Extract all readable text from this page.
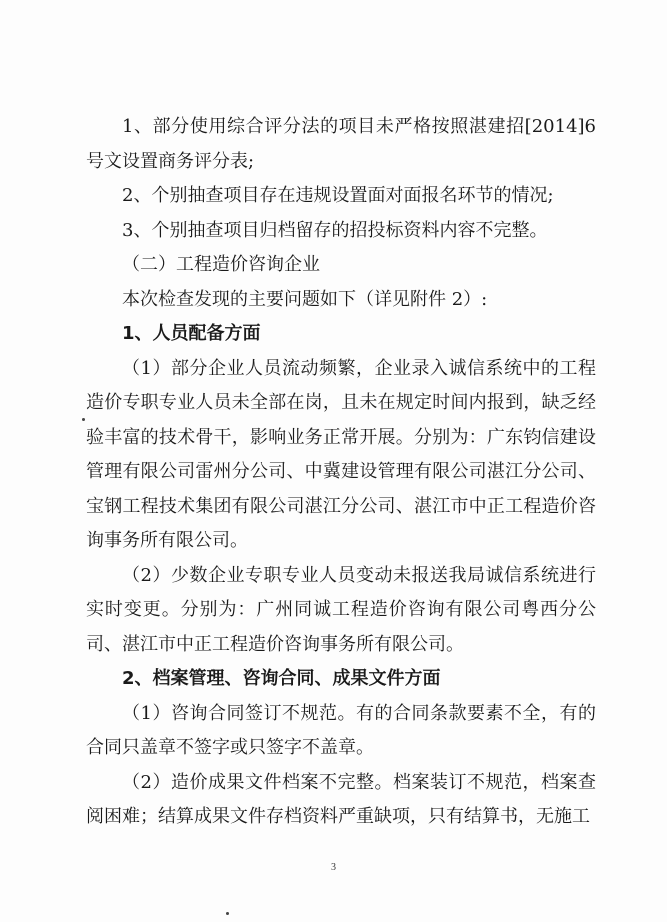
1、部分使用综合评分法的项目未严格按照湛建招[2014]6号文设置商务评分表;

2、个别抽查项目存在违规设置面对面报名环节的情况;

3、个别抽查项目归档留存的招投标资料内容不完整。

（二）工程造价咨询企业

本次检查发现的主要问题如下（详见附件 2）:

1、人员配备方面

（1）部分企业人员流动频繁，企业录入诚信系统中的工程造价专职专业人员未全部在岗，且未在规定时间内报到，缺乏经验丰富的技术骨干，影响业务正常开展。分别为：广东钧信建设管理有限公司雷州分公司、中冀建设管理有限公司湛江分公司、宝钢工程技术集团有限公司湛江分公司、湛江市中正工程造价咨询事务所有限公司。

（2）少数企业专职专业人员变动未报送我局诚信系统进行实时变更。分别为：广州同诚工程造价咨询有限公司粤西分公司、湛江市中正工程造价咨询事务所有限公司。

2、档案管理、咨询合同、成果文件方面

（1）咨询合同签订不规范。有的合同条款要素不全，有的合同只盖章不签字或只签字不盖章。

（2）造价成果文件档案不完整。档案装订不规范，档案查阅困难；结算成果文件存档资料严重缺项，只有结算书，无施工

3
